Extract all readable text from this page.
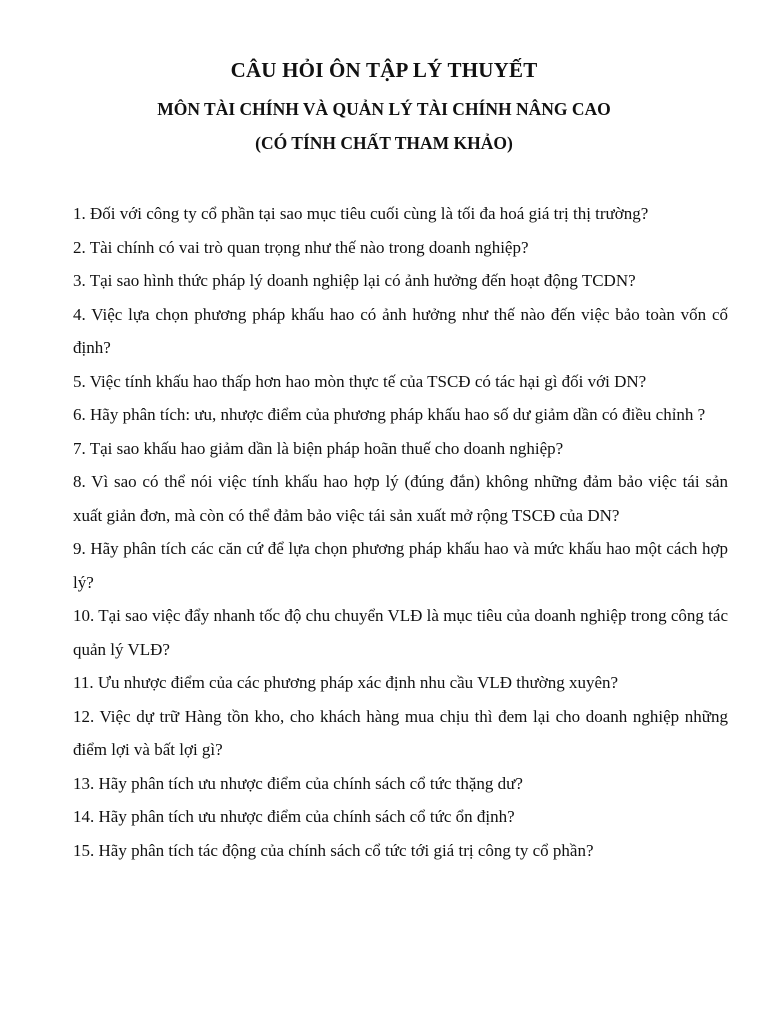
CÂU HỎI ÔN TẬP LÝ THUYẾT
MÔN TÀI CHÍNH VÀ QUẢN LÝ TÀI CHÍNH NÂNG CAO
(CÓ TÍNH CHẤT THAM KHẢO)
1. Đối với công ty cổ phần tại sao mục tiêu cuối cùng là tối đa hoá giá trị thị trường?
2. Tài chính có vai trò quan trọng như thế nào trong doanh nghiệp?
3. Tại sao hình thức pháp lý doanh nghiệp lại có ảnh hưởng đến hoạt động TCDN?
4. Việc lựa chọn phương pháp khấu hao có ảnh hưởng như thế nào đến việc bảo toàn vốn cố định?
5. Việc tính khấu hao thấp hơn hao mòn thực tế của TSCĐ có tác hại gì đối với DN?
6. Hãy phân tích: ưu, nhược điểm của phương pháp khấu hao số dư giảm dần có điều chỉnh ?
7. Tại sao khấu hao giảm dần là biện pháp hoãn thuế cho doanh nghiệp?
8. Vì sao có thể nói việc tính khấu hao hợp lý (đúng đắn) không những đảm bảo việc tái sản xuất giản đơn, mà còn có thể đảm bảo việc tái sản xuất mở rộng TSCĐ của DN?
9. Hãy phân tích các căn cứ để lựa chọn phương pháp khấu hao và mức khấu hao một cách hợp lý?
10. Tại sao việc đẩy nhanh tốc độ chu chuyển VLĐ là mục tiêu của doanh nghiệp trong công tác quản lý VLĐ?
11. Ưu nhược điểm của các phương pháp xác định nhu cầu VLĐ thường xuyên?
12. Việc dự trữ Hàng tồn kho, cho khách hàng mua chịu thì đem lại cho doanh nghiệp những điểm lợi và bất lợi gì?
13. Hãy phân tích ưu nhược điểm của chính sách cổ tức thặng dư?
14. Hãy phân tích ưu nhược điểm của chính sách cổ tức ổn định?
15. Hãy phân tích tác động của chính sách cổ tức tới giá trị công ty cổ phần?
